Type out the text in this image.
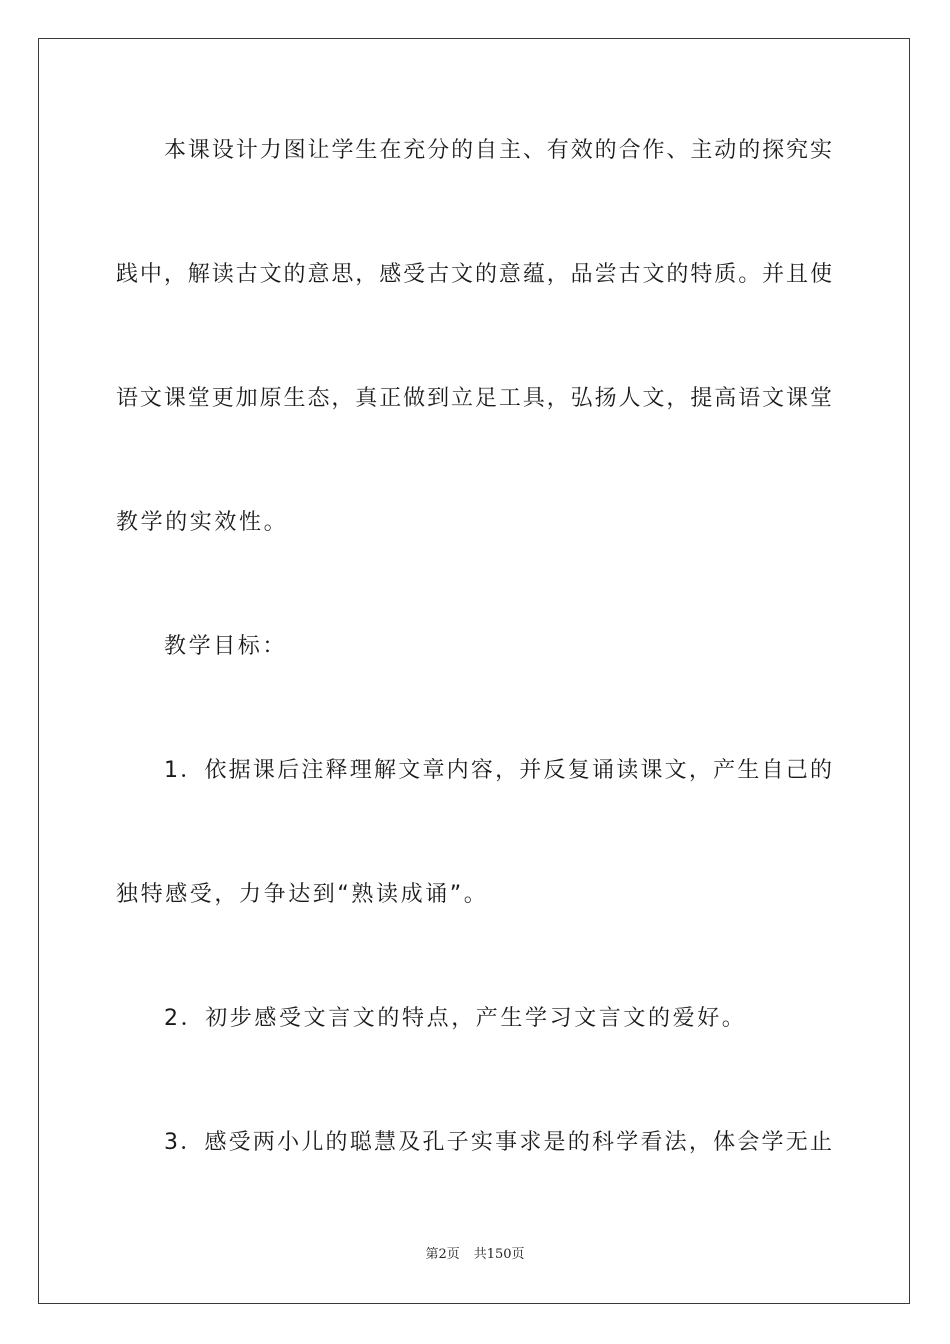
本课设计力图让学生在充分的自主、有效的合作、主动的探究实
践中，解读古文的意思，感受古文的意蕴，品尝古文的特质。并且使
语文课堂更加原生态，真正做到立足工具，弘扬人文，提高语文课堂
教学的实效性。
教学目标：
1．依据课后注释理解文章内容，并反复诵读课文，产生自己的
独特感受，力争达到“熟读成诵”。
2．初步感受文言文的特点，产生学习文言文的爱好。
3．感受两小儿的聪慧及孔子实事求是的科学看法，体会学无止
第2页 共150页
